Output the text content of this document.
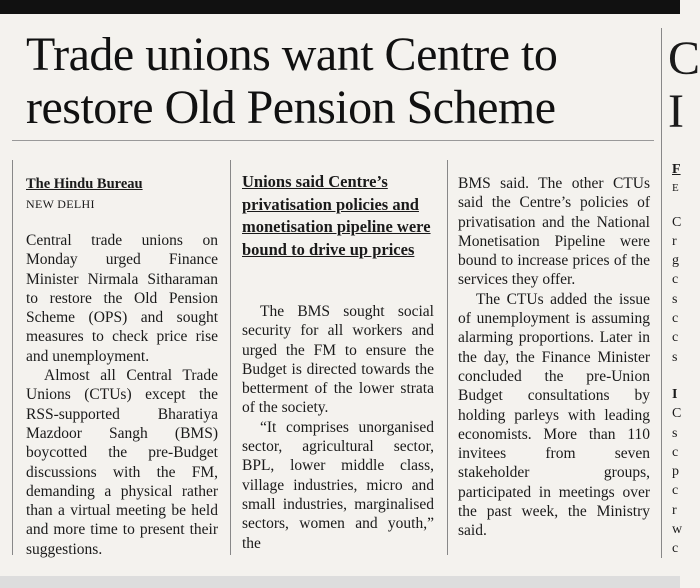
Trade unions want Centre to
restore Old Pension Scheme
The Hindu Bureau
NEW DELHI

Central trade unions on Monday urged Finance Minister Nirmala Sitharaman to restore the Old Pension Scheme (OPS) and sought measures to check price rise and unemployment.

Almost all Central Trade Unions (CTUs) except the RSS-supported Bharatiya Mazdoor Sangh (BMS) boycotted the pre-Budget discussions with the FM, demanding a physical rather than a virtual meeting be held and more time to present their suggestions.

Unions said Centre’s privatisation policies and monetisation pipeline were bound to drive up prices

The BMS sought social security for all workers and urged the FM to ensure the Budget is directed towards the betterment of the lower strata of the society.

“It comprises unorganised sector, agricultural sector, BPL, lower middle class, village industries, micro and small industries, marginalised sectors, women and youth,” the

BMS said. The other CTUs said the Centre’s policies of privatisation and the National Monetisation Pipeline were bound to increase prices of the services they offer.

The CTUs added the issue of unemployment is assuming alarming proportions. Later in the day, the Finance Minister concluded the pre-Union Budget consultations by holding parleys with leading economists. More than 110 invitees from seven stakeholder groups, participated in meetings over the past week, the Ministry said.

C
I
F
E
C
r
g
c
s
c
c
s
I
C
s
c
p
c
r
w
c
